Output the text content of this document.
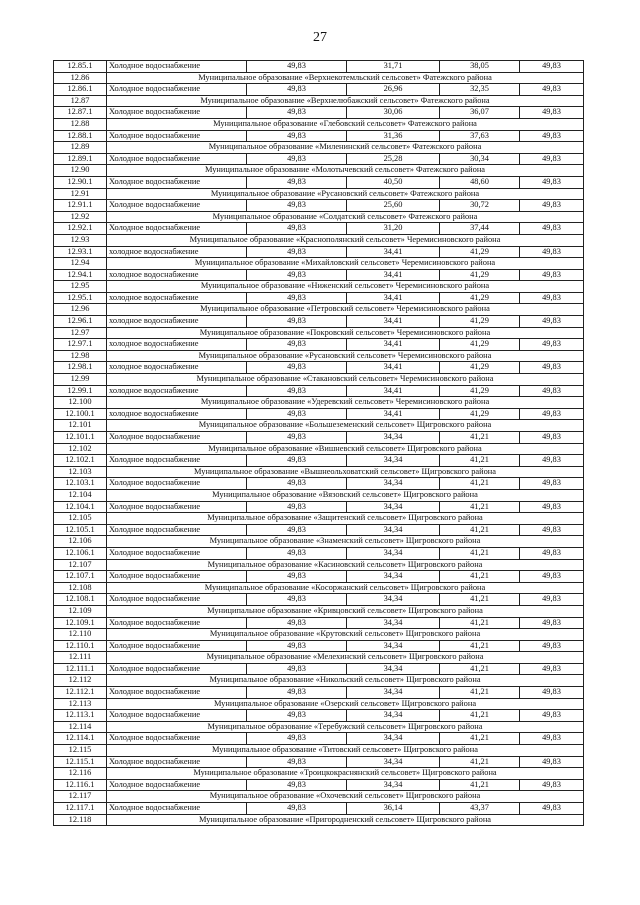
27
12.85.1	Холодное водоснабжение	49,83	31,71	38,05	49,83
12.86	Муниципальное образование «Верхнекотемльский сельсовет» Фатежского района				
12.86.1	Холодное водоснабжение	49,83	26,96	32,35	49,83
12.87	Муниципальное образование «Верхнелюбажский сельсовет» Фатежского района				
12.87.1	Холодное водоснабжение	49,83	30,06	36,07	49,83
12.88	Муниципальное образование «Глебовский сельсовет» Фатежского района				
12.88.1	Холодное водоснабжение	49,83	31,36	37,63	49,83
12.89	Муниципальное образование «Миленинский сельсовет» Фатежского района				
12.89.1	Холодное водоснабжение	49,83	25,28	30,34	49,83
12.90	Муниципальное образование «Молотычевский сельсовет» Фатежского района				
12.90.1	Холодное водоснабжение	49,83	40,50	48,60	49,83
12.91	Муниципальное образование «Русановский сельсовет» Фатежского района				
12.91.1	Холодное водоснабжение	49,83	25,60	30,72	49,83
12.92	Муниципальное образование «Солдатский сельсовет» Фатежского района				
12.92.1	Холодное водоснабжение	49,83	31,20	37,44	49,83
12.93	Муниципальное образование «Краснополянский сельсовет» Черемисиновского района				
12.93.1	холодное водоснабжение	49,83	34,41	41,29	49,83
12.94	Муниципальное образование «Михайловский сельсовет» Черемисиновского района				
12.94.1	холодное водоснабжение	49,83	34,41	41,29	49,83
12.95	Муниципальное образование «Ниженский сельсовет» Черемисиновского района				
12.95.1	холодное водоснабжение	49,83	34,41	41,29	49,83
12.96	Муниципальное образование «Петровский сельсовет» Черемисиновского района				
12.96.1	холодное водоснабжение	49,83	34,41	41,29	49,83
12.97	Муниципальное образование «Покровский сельсовет» Черемисиновского района				
12.97.1	холодное водоснабжение	49,83	34,41	41,29	49,83
12.98	Муниципальное образование «Русановский сельсовет» Черемисиновского района				
12.98.1	холодное водоснабжение	49,83	34,41	41,29	49,83
12.99	Муниципальное образование «Стакановский сельсовет» Черемисиновского района				
12.99.1	холодное водоснабжение	49,83	34,41	41,29	49,83
12.100	Муниципальное образование «Удеревский сельсовет» Черемисиновского района				
12.100.1	холодное водоснабжение	49,83	34,41	41,29	49,83
12.101	Муниципальное образование «Большеземенский сельсовет» Щигровского района				
12.101.1	Холодное водоснабжение	49,83	34,34	41,21	49,83
12.102	Муниципальное образование «Вишневский сельсовет» Щигровского района				
12.102.1	Холодное водоснабжение	49,83	34,34	41,21	49,83
12.103	Муниципальное образование «Вышнеольховатский сельсовет» Щигровского района				
12.103.1	Холодное водоснабжение	49,83	34,34	41,21	49,83
12.104	Муниципальное образование «Вязовский сельсовет» Щигровского района				
12.104.1	Холодное водоснабжение	49,83	34,34	41,21	49,83
12.105	Муниципальное образование «Защитенский сельсовет» Щигровского района				
12.105.1	Холодное водоснабжение	49,83	34,34	41,21	49,83
12.106	Муниципальное образование «Знаменский сельсовет» Щигровского района				
12.106.1	Холодное водоснабжение	49,83	34,34	41,21	49,83
12.107	Муниципальное образование «Касиновский сельсовет» Щигровского района				
12.107.1	Холодное водоснабжение	49,83	34,34	41,21	49,83
12.108	Муниципальное образование «Косоржанский сельсовет» Щигровского района				
12.108.1	Холодное водоснабжение	49,83	34,34	41,21	49,83
12.109	Муниципальное образование «Кривцовский сельсовет» Щигровского района				
12.109.1	Холодное водоснабжение	49,83	34,34	41,21	49,83
12.110	Муниципальное образование «Крутовский сельсовет» Щигровского района				
12.110.1	Холодное водоснабжение	49,83	34,34	41,21	49,83
12.111	Муниципальное образование «Мелехинский сельсовет» Щигровского района				
12.111.1	Холодное водоснабжение	49,83	34,34	41,21	49,83
12.112	Муниципальное образование «Никольский сельсовет» Щигровского района				
12.112.1	Холодное водоснабжение	49,83	34,34	41,21	49,83
12.113	Муниципальное образование «Озерский сельсовет» Щигровского района				
12.113.1	Холодное водоснабжение	49,83	34,34	41,21	49,83
12.114	Муниципальное образование «Теребужский сельсовет» Щигровского района				
12.114.1	Холодное водоснабжение	49,83	34,34	41,21	49,83
12.115	Муниципальное образование «Титовский сельсовет» Щигровского района				
12.115.1	Холодное водоснабжение	49,83	34,34	41,21	49,83
12.116	Муниципальное образование «Троицкокраснянский сельсовет» Щигровского района				
12.116.1	Холодное водоснабжение	49,83	34,34	41,21	49,83
12.117	Муниципальное образование «Охочевский сельсовет» Щигровского района				
12.117.1	Холодное водоснабжение	49,83	36,14	43,37	49,83
12.118	Муниципальное образование «Пригородненский сельсовет» Щигровского района				
